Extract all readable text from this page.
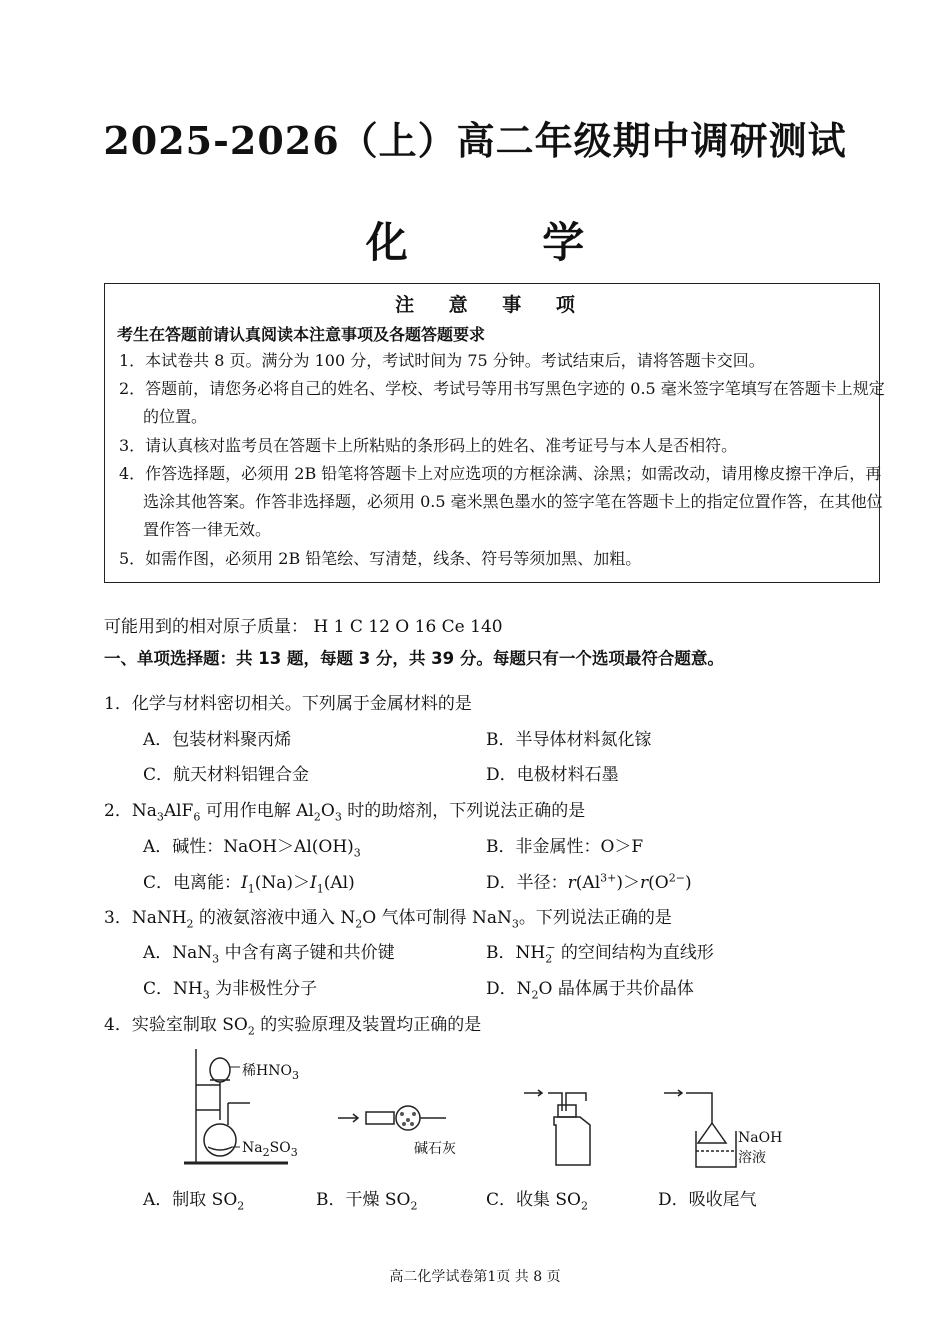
2025-2026（上）高二年级期中调研测试
化 学
注 意 事 项
考生在答题前请认真阅读本注意事项及各题答题要求
1．本试卷共 8 页。满分为 100 分，考试时间为 75 分钟。考试结束后，请将答题卡交回。
2．答题前，请您务必将自己的姓名、学校、考试号等用书写黑色字迹的 0.5 毫米签字笔填写在答题卡上规定的位置。
3．请认真核对监考员在答题卡上所粘贴的条形码上的姓名、准考证号与本人是否相符。
4．作答选择题，必须用 2B 铅笔将答题卡上对应选项的方框涂满、涂黑；如需改动，请用橡皮擦干净后，再选涂其他答案。作答非选择题，必须用 0.5 毫米黑色墨水的签字笔在答题卡上的指定位置作答，在其他位置作答一律无效。
5．如需作图，必须用 2B 铅笔绘、写清楚，线条、符号等须加黑、加粗。
可能用到的相对原子质量： H 1 C 12 O 16 Ce 140
一、单项选择题：共 13 题，每题 3 分，共 39 分。每题只有一个选项最符合题意。
1．化学与材料密切相关。下列属于金属材料的是
A．包装材料聚丙烯	B．半导体材料氮化镓
C．航天材料铝锂合金	D．电极材料石墨
2．$Na_3AlF_6$ 可用作电解 $Al_2O_3$ 时的助熔剂，下列说法正确的是
A．碱性：$NaOH>Al(OH)_3$	B．非金属性：O＞F
C．电离能：$I_1(Na)>I_1(Al)$	D．半径：$r(Al^{3+})>r(O^{2-})$
3．NaNH$_2$ 的液氨溶液中通入 $N_2O$ 气体可制得 NaN$_3$。下列说法正确的是
A．NaN$_3$ 中含有离子键和共价键	B．$NH_2^-$ 的空间结构为直线形
C．$NH_3$ 为非极性分子	D．$N_2O$ 晶体属于共价晶体
4．实验室制取 $SO_2$ 的实验原理及装置均正确的是
稀$HNO_3$
$Na_2SO_3$	碱石灰
NaOH
溶液
A．制取 $SO_2$	B．干燥 $SO_2$	C．收集 $SO_2$	D．吸收尾气
高二化学试卷第1页 共 8 页
